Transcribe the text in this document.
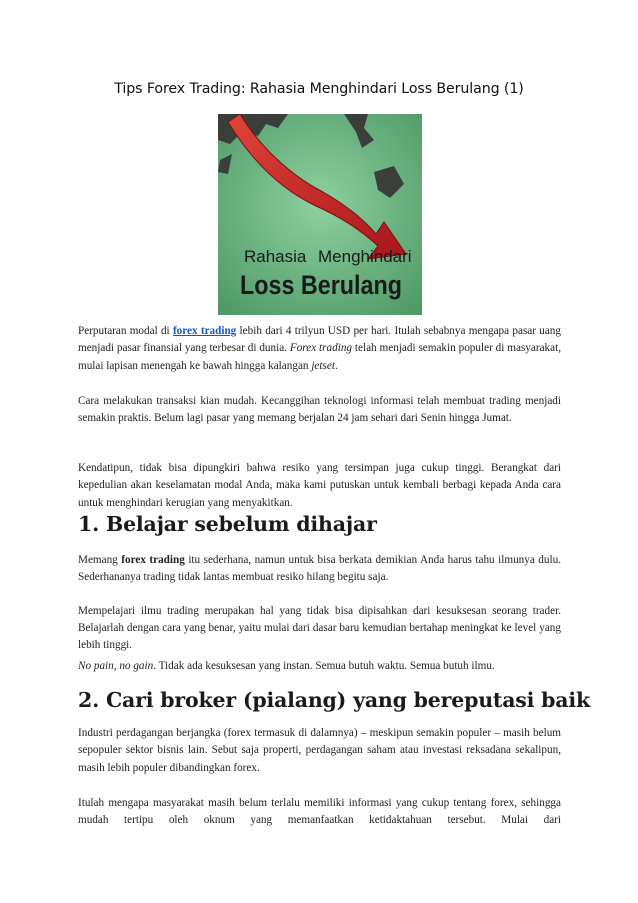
Tips Forex Trading: Rahasia Menghindari Loss Berulang (1)
Rahasia Menghindari
Loss Berulang

Perputaran modal di forex trading lebih dari 4 trilyun USD per hari. Itulah sebabnya mengapa pasar uang menjadi pasar finansial yang terbesar di dunia. Forex trading telah menjadi semakin populer di masyarakat, mulai lapisan menengah ke bawah hingga kalangan jetset.

Cara melakukan transaksi kian mudah. Kecanggihan teknologi informasi telah membuat trading menjadi semakin praktis. Belum lagi pasar yang memang berjalan 24 jam sehari dari Senin hingga Jumat.

Kendatipun, tidak bisa dipungkiri bahwa resiko yang tersimpan juga cukup tinggi. Berangkat dari kepedulian akan keselamatan modal Anda, maka kami putuskan untuk kembali berbagi kepada Anda cara untuk menghindari kerugian yang menyakitkan.

1. Belajar sebelum dihajar

Memang forex trading itu sederhana, namun untuk bisa berkata demikian Anda harus tahu ilmunya dulu. Sederhananya trading tidak lantas membuat resiko hilang begitu saja.

Mempelajari ilmu trading merupakan hal yang tidak bisa dipisahkan dari kesuksesan seorang trader. Belajarlah dengan cara yang benar, yaitu mulai dari dasar baru kemudian bertahap meningkat ke level yang lebih tinggi.

No pain, no gain. Tidak ada kesuksesan yang instan. Semua butuh waktu. Semua butuh ilmu.

2. Cari broker (pialang) yang bereputasi baik

Industri perdagangan berjangka (forex termasuk di dalamnya) – meskipun semakin populer – masih belum sepopuler sektor bisnis lain. Sebut saja properti, perdagangan saham atau investasi reksadana sekalipun, masih lebih populer dibandingkan forex.

Itulah mengapa masyarakat masih belum terlalu memiliki informasi yang cukup tentang forex, sehingga mudah tertipu oleh oknum yang memanfaatkan ketidaktahuan tersebut. Mulai dari
